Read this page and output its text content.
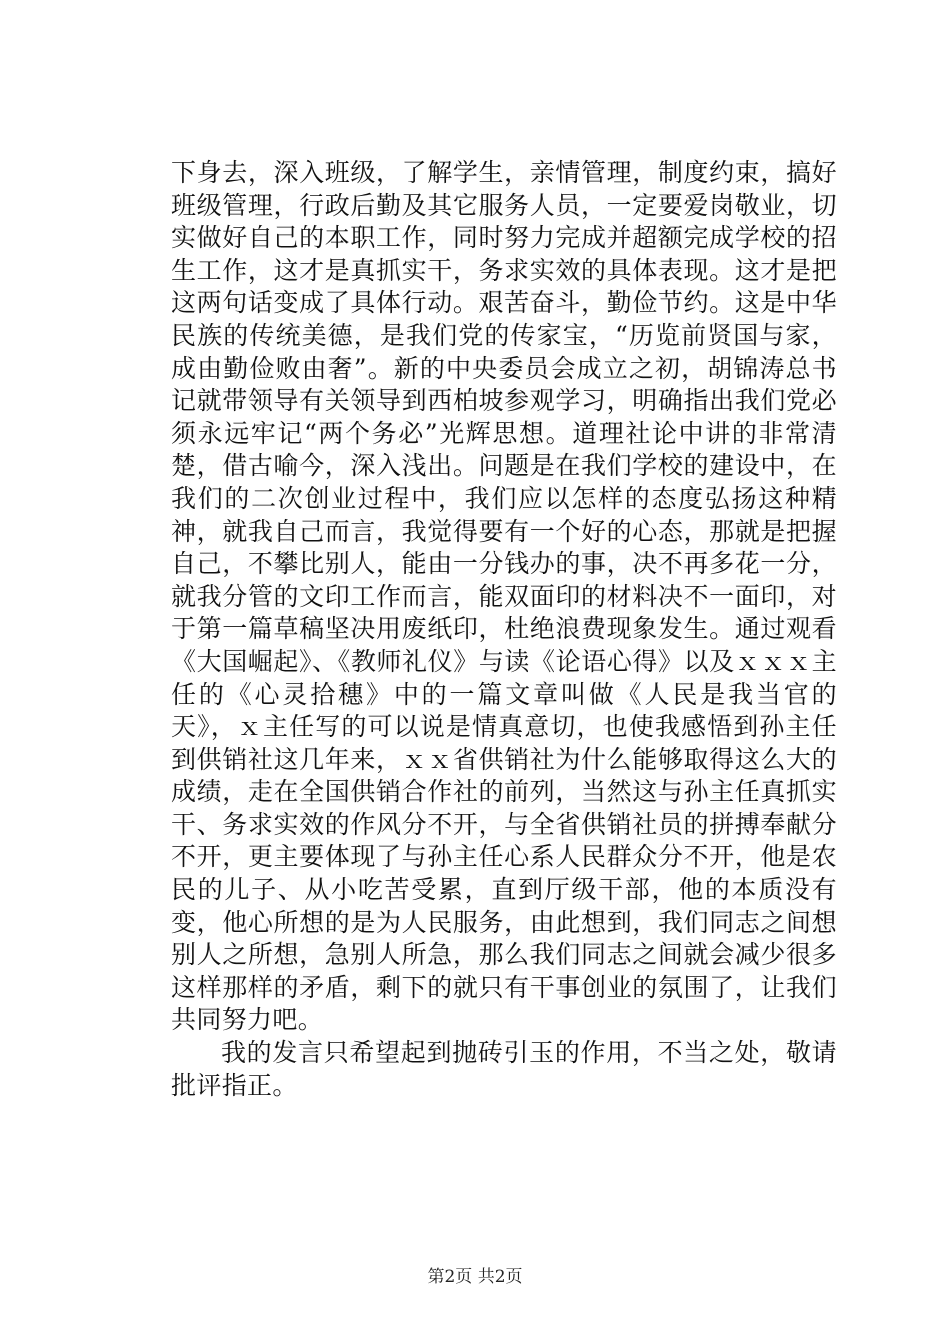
下身去，深入班级，了解学生，亲情管理，制度约束，搞好班级管理，行政后勤及其它服务人员，一定要爱岗敬业，切实做好自己的本职工作，同时努力完成并超额完成学校的招生工作，这才是真抓实干，务求实效的具体表现。这才是把这两句话变成了具体行动。艰苦奋斗，勤俭节约。这是中华民族的传统美德，是我们党的传家宝，“历览前贤国与家，成由勤俭败由奢”。新的中央委员会成立之初，胡锦涛总书记就带领导有关领导到西柏坡参观学习，明确指出我们党必须永远牢记“两个务必”光辉思想。道理社论中讲的非常清楚，借古喻今，深入浅出。问题是在我们学校的建设中，在我们的二次创业过程中，我们应以怎样的态度弘扬这种精神，就我自己而言，我觉得要有一个好的心态，那就是把握自己，不攀比别人，能由一分钱办的事，决不再多花一分，就我分管的文印工作而言，能双面印的材料决不一面印，对于第一篇草稿坚决用废纸印，杜绝浪费现象发生。通过观看《大国崛起》、《教师礼仪》与读《论语心得》以及ｘｘｘ主任的《心灵拾穗》中的一篇文章叫做《人民是我当官的天》，ｘ主任写的可以说是情真意切，也使我感悟到孙主任到供销社这几年来，ｘｘ省供销社为什么能够取得这么大的成绩，走在全国供销合作社的前列，当然这与孙主任真抓实干、务求实效的作风分不开，与全省供销社员的拼搏奉献分不开，更主要体现了与孙主任心系人民群众分不开，他是农民的儿子、从小吃苦受累，直到厅级干部，他的本质没有变，他心所想的是为人民服务，由此想到，我们同志之间想别人之所想，急别人所急，那么我们同志之间就会减少很多这样那样的矛盾，剩下的就只有干事创业的氛围了，让我们共同努力吧。

我的发言只希望起到抛砖引玉的作用，不当之处，敬请批评指正。

第2页 共2页
